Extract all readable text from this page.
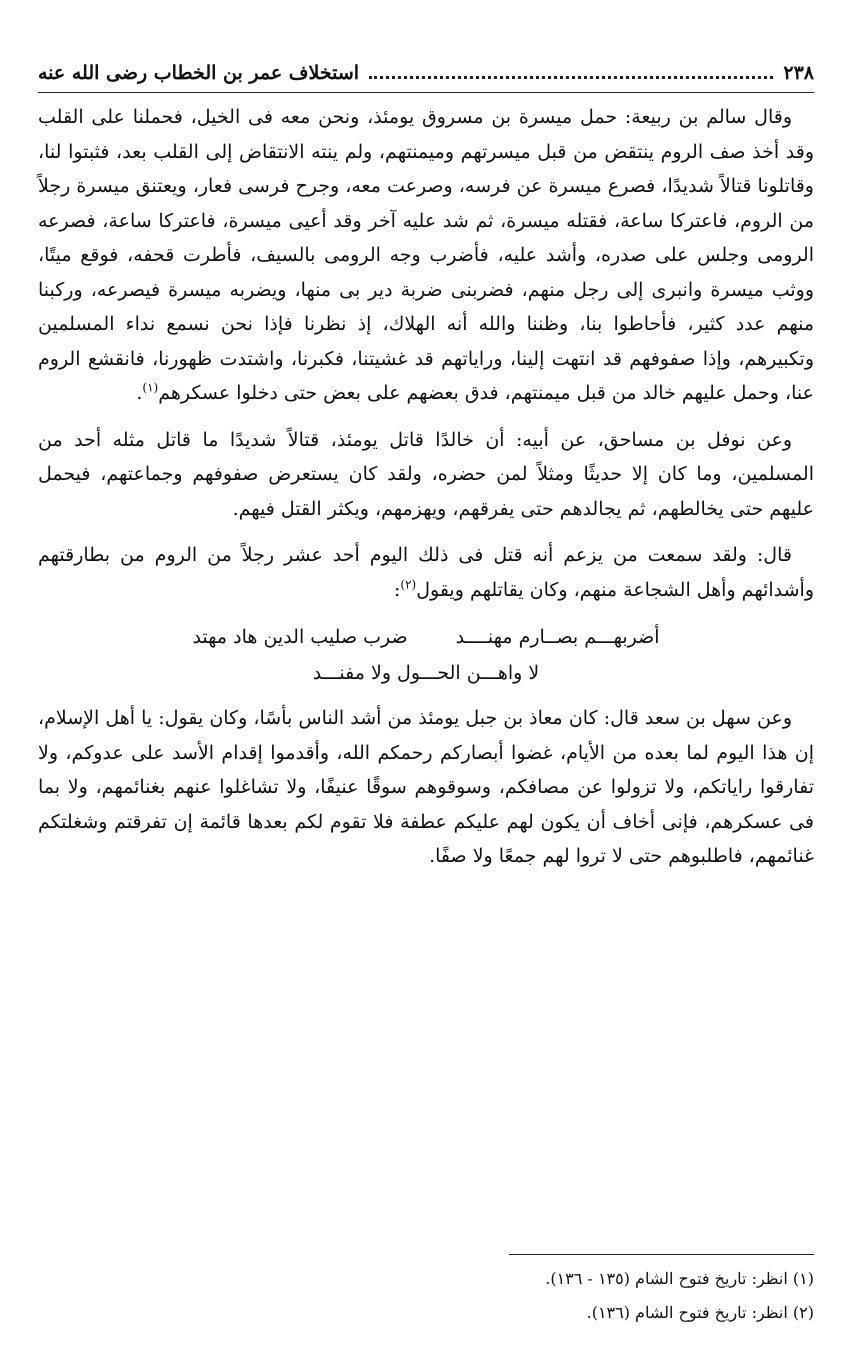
٢٣٨
استخلاف عمر بن الخطاب رضى الله عنه

وقال سالم بن ربيعة: حمل ميسرة بن مسروق يومئذ، ونحن معه فى الخيل، فحملنا على القلب وقد أخذ صف الروم ينتقض من قبل ميسرتهم وميمنتهم، ولم ينته الانتقاض إلى القلب بعد، فثبتوا لنا، وقاتلونا قتالاً شديدًا، فصرع ميسرة عن فرسه، وصرعت معه، وجرح فرسى فعار، ويعتنق ميسرة رجلاً من الروم، فاعتركا ساعة، فقتله ميسرة، ثم شد عليه آخر وقد أعيى ميسرة، فاعتركا ساعة، فصرعه الرومى وجلس على صدره، وأشد عليه، فأضرب وجه الرومى بالسيف، فأطرت قحفه، فوقع ميتًا، ووثب ميسرة وانبرى إلى رجل منهم، فضربنى ضربة دير بى منها، ويضربه ميسرة فيصرعه، وركبنا منهم عدد كثير، فأحاطوا بنا، وظننا والله أنه الهلاك، إذ نظرنا فإذا نحن نسمع نداء المسلمين وتكبيرهم، وإذا صفوفهم قد انتهت إلينا، وراياتهم قد غشيتنا، فكبرنا، واشتدت ظهورنا، فانقشع الروم عنا، وحمل عليهم خالد من قبل ميمنتهم، فدق بعضهم على بعض حتى دخلوا عسكرهم$^{(١)}$.

وعن نوفل بن مساحق، عن أبيه: أن خالدًا قاتل يومئذ، قتالاً شديدًا ما قاتل مثله أحد من المسلمين، وما كان إلا حديثًا ومثلاً لمن حضره، ولقد كان يستعرض صفوفهم وجماعتهم، فيحمل عليهم حتى يخالطهم، ثم يجالدهم حتى يفرقهم، ويهزمهم، ويكثر القتل فيهم.

قال: ولقد سمعت من يزعم أنه قتل فى ذلك اليوم أحد عشر رجلاً من الروم من بطارقتهم وأشدائهم وأهل الشجاعة منهم، وكان يقاتلهم ويقول$^{(٢)}$:

أضربهـــم بصــارم مهنــــد
ضرب صليب الدين هاد مهتد
لا واهـــن الحـــول ولا مفنـــد

وعن سهل بن سعد قال: كان معاذ بن جبل يومئذ من أشد الناس بأسًا، وكان يقول: يا أهل الإسلام، إن هذا اليوم لما بعده من الأيام، غضوا أبصاركم رحمكم الله، وأقدموا إقدام الأسد على عدوكم، ولا تفارقوا راياتكم، ولا تزولوا عن مصافكم، وسوقوهم سوقًا عنيفًا، ولا تشاغلوا عنهم بغنائمهم، ولا بما فى عسكرهم، فإنى أخاف أن يكون لهم عليكم عطفة فلا تقوم لكم بعدها قائمة إن تفرقتم وشغلتكم غنائمهم، فاطلبوهم حتى لا تروا لهم جمعًا ولا صفًا.

(١) انظر: تاريخ فتوح الشام (١٣٥ - ١٣٦).
(٢) انظر: تاريخ فتوح الشام (١٣٦).
